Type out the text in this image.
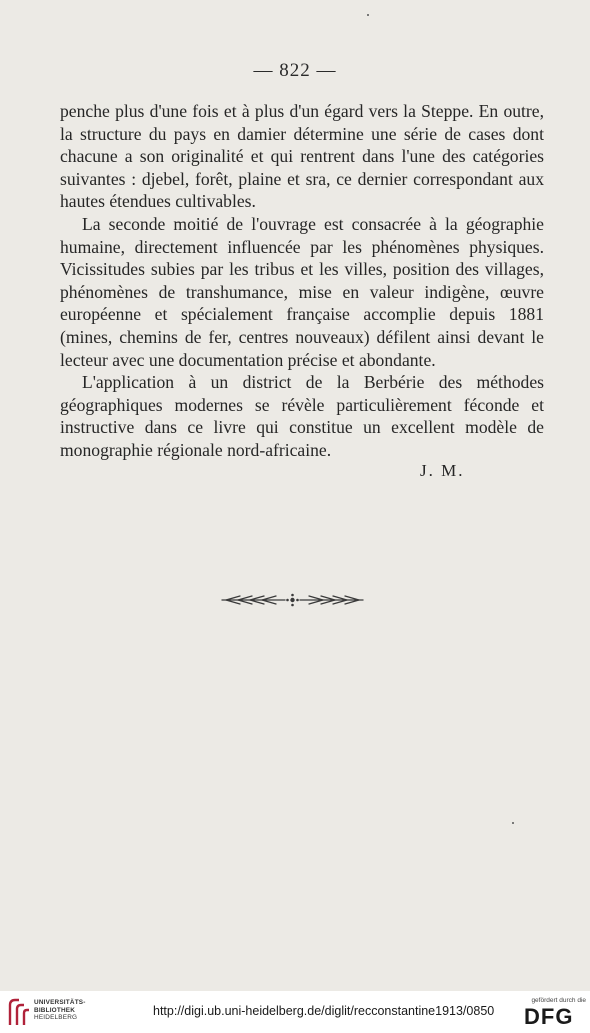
— 822 —

penche plus d'une fois et à plus d'un égard vers la Steppe. En outre, la structure du pays en damier détermine une série de cases dont chacune a son originalité et qui rentrent dans l'une des catégories suivantes : djebel, forêt, plaine et sra, ce dernier correspondant aux hautes étendues cultivables.

La seconde moitié de l'ouvrage est consacrée à la géographie humaine, directement influencée par les phénomènes physiques. Vicissitudes subies par les tribus et les villes, position des villages, phénomènes de transhumance, mise en valeur indigène, œuvre européenne et spécialement française accomplie depuis 1881 (mines, chemins de fer, centres nouveaux) défilent ainsi devant le lecteur avec une documentation précise et abondante.

L'application à un district de la Berbérie des méthodes géographiques modernes se révèle particulièrement féconde et instructive dans ce livre qui constitue un excellent modèle de monographie régionale nord-africaine.

J. M.
UNIVERSITÄTS-
BIBLIOTHEK
HEIDELBERG	http://digi.ub.uni-heidelberg.de/diglit/recconstantine1913/0850
gefördert durch die
DFG
